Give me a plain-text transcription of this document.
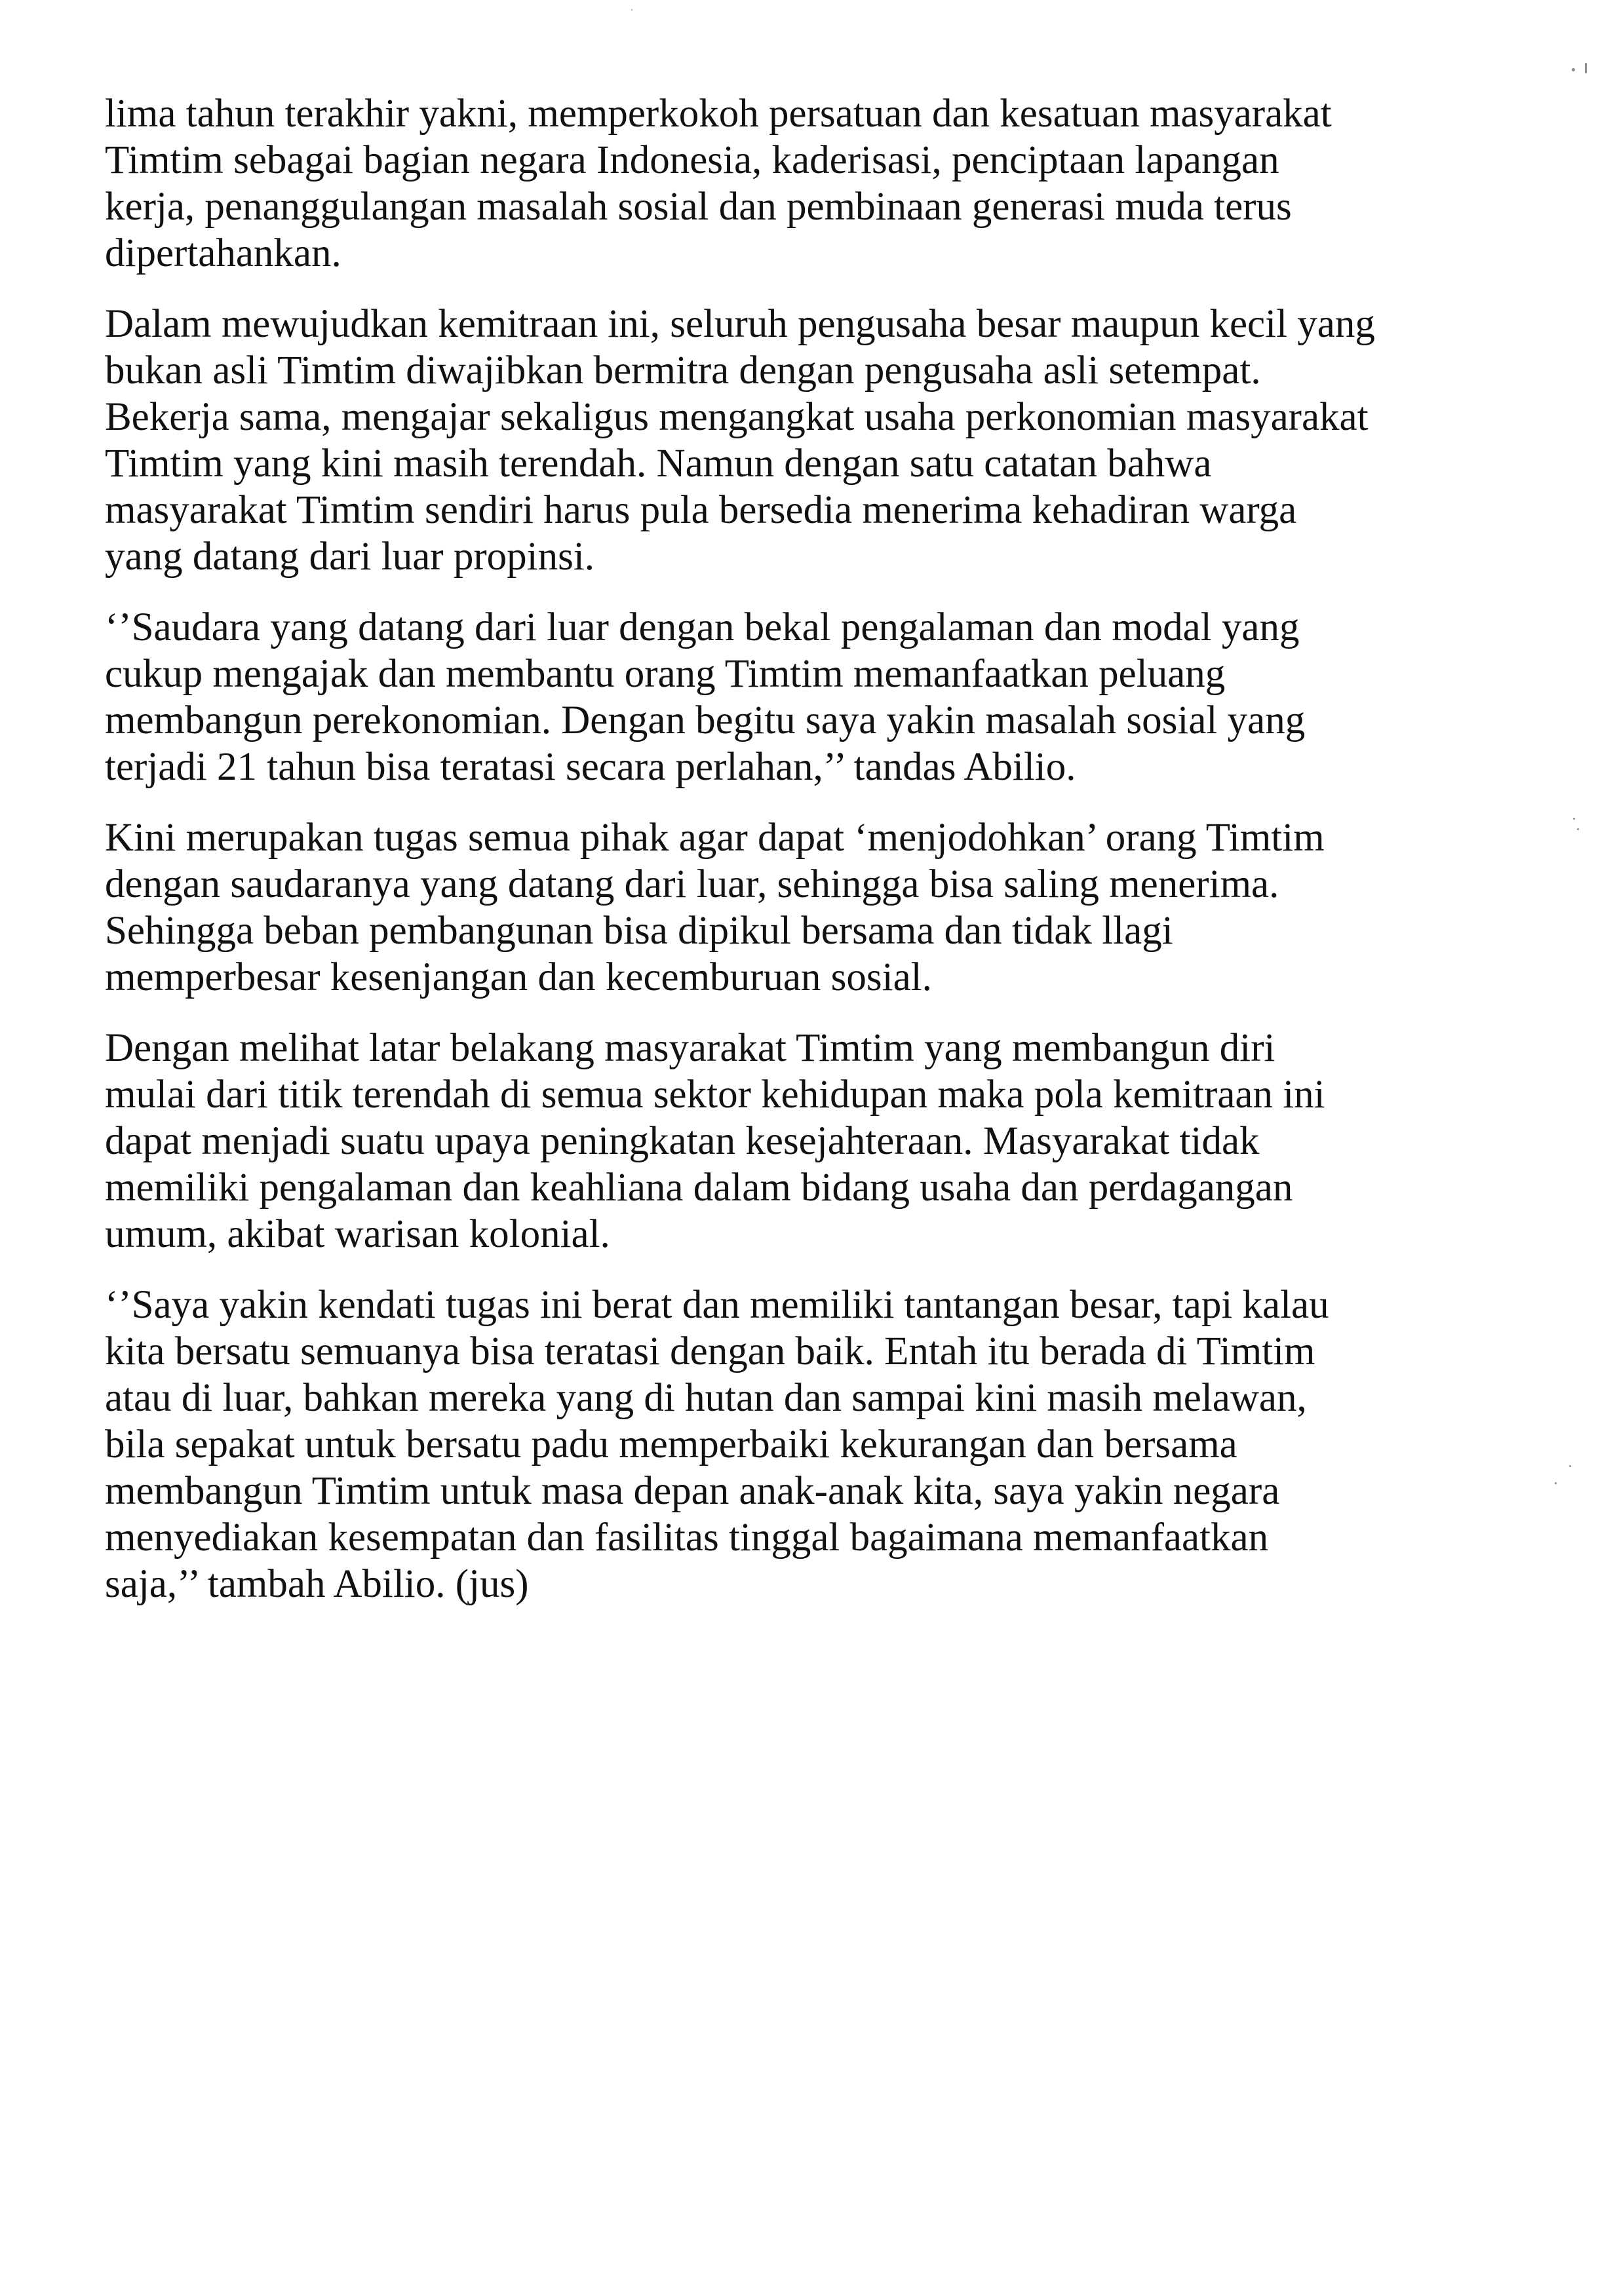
lima tahun terakhir yakni, memperkokoh persatuan dan kesatuan masyarakat
Timtim sebagai bagian negara Indonesia, kaderisasi, penciptaan lapangan
kerja, penanggulangan masalah sosial dan pembinaan generasi muda terus
dipertahankan.

Dalam mewujudkan kemitraan ini, seluruh pengusaha besar maupun kecil yang
bukan asli Timtim diwajibkan bermitra dengan pengusaha asli setempat.
Bekerja sama, mengajar sekaligus mengangkat usaha perkonomian masyarakat
Timtim yang kini masih terendah. Namun dengan satu catatan bahwa
masyarakat Timtim sendiri harus pula bersedia menerima kehadiran warga
yang datang dari luar propinsi.

‘’Saudara yang datang dari luar dengan bekal pengalaman dan modal yang
cukup mengajak dan membantu orang Timtim memanfaatkan peluang
membangun perekonomian. Dengan begitu saya yakin masalah sosial yang
terjadi 21 tahun bisa teratasi secara perlahan,’’ tandas Abilio.

Kini merupakan tugas semua pihak agar dapat ‘menjodohkan’ orang Timtim
dengan saudaranya yang datang dari luar, sehingga bisa saling menerima.
Sehingga beban pembangunan bisa dipikul bersama dan tidak llagi
memperbesar kesenjangan dan kecemburuan sosial.

Dengan melihat latar belakang masyarakat Timtim yang membangun diri
mulai dari titik terendah di semua sektor kehidupan maka pola kemitraan ini
dapat menjadi suatu upaya peningkatan kesejahteraan. Masyarakat tidak
memiliki pengalaman dan keahliana dalam bidang usaha dan perdagangan
umum, akibat warisan kolonial.

‘’Saya yakin kendati tugas ini berat dan memiliki tantangan besar, tapi kalau
kita bersatu semuanya bisa teratasi dengan baik. Entah itu berada di Timtim
atau di luar, bahkan mereka yang di hutan dan sampai kini masih melawan,
bila sepakat untuk bersatu padu memperbaiki kekurangan dan bersama
membangun Timtim untuk masa depan anak-anak kita, saya yakin negara
menyediakan kesempatan dan fasilitas tinggal bagaimana memanfaatkan
saja,’’ tambah Abilio. (jus)
